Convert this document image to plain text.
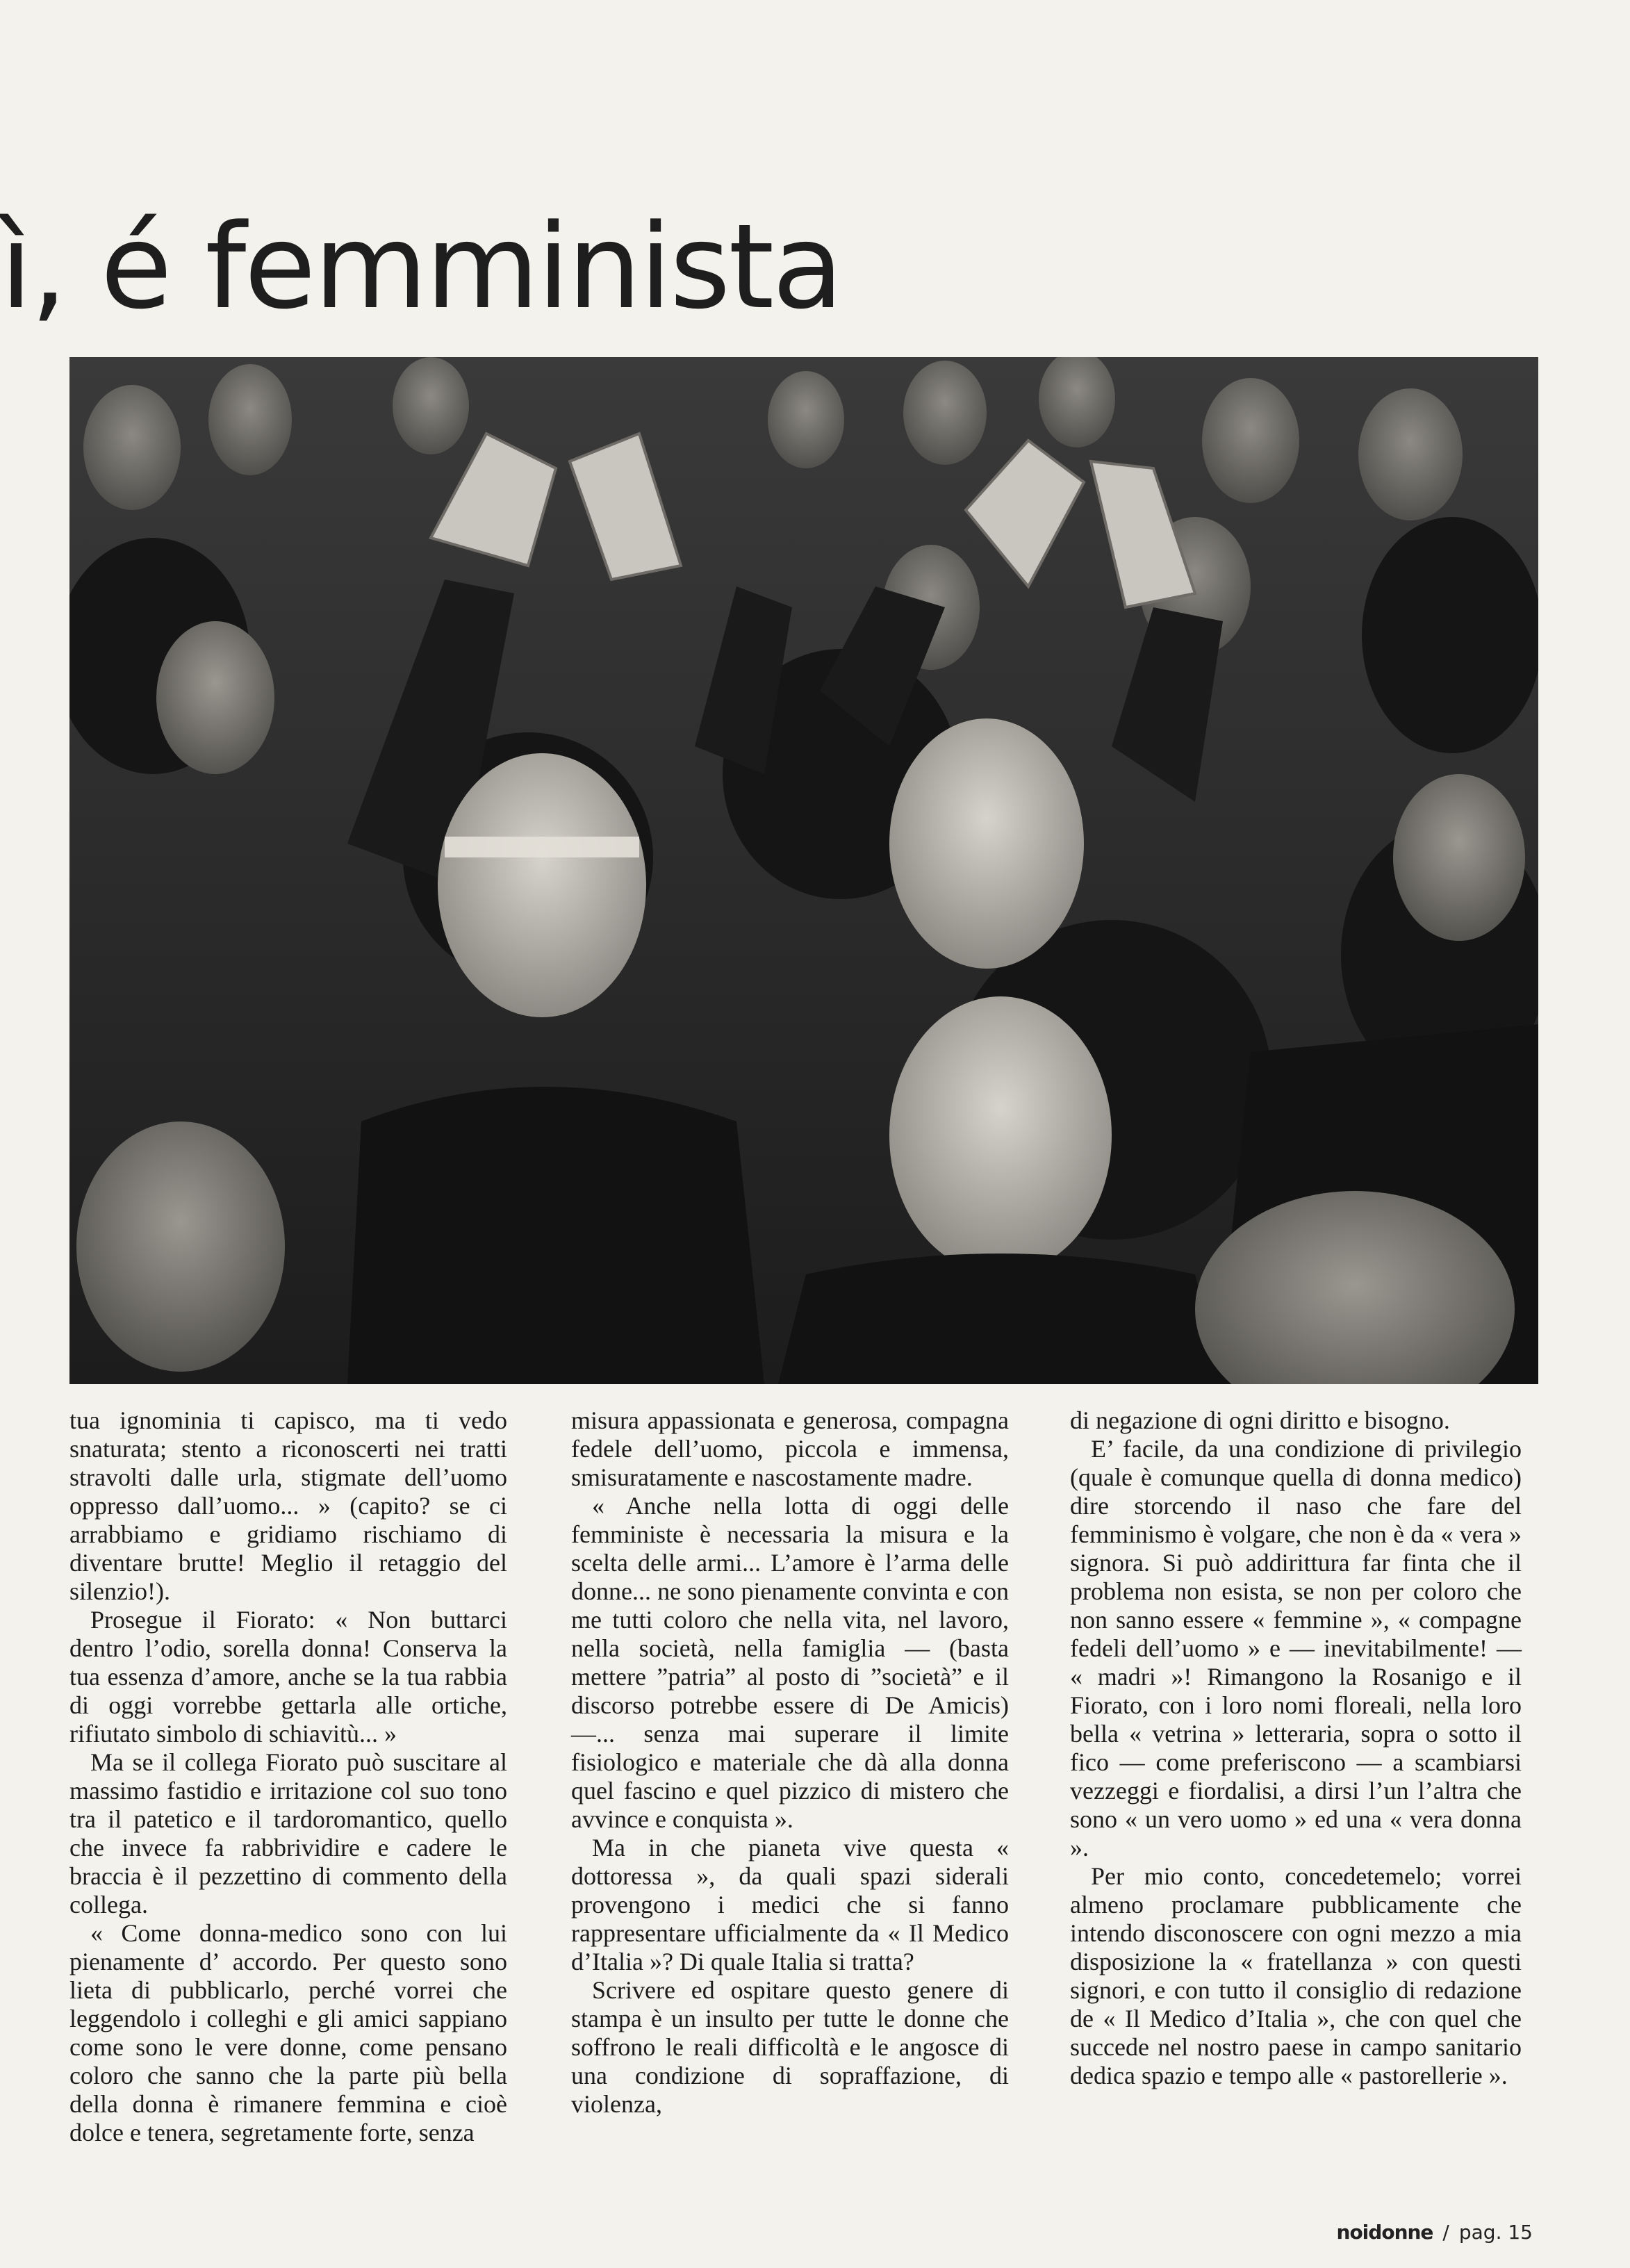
ì, é femminista

tua ignominia ti capisco, ma ti vedo snaturata; stento a riconoscerti nei tratti stravolti dalle urla, stigmate dell’uomo oppresso dall’uomo... » (capito? se ci arrabbiamo e gridiamo rischiamo di diventare brutte! Meglio il retaggio del silenzio!).

Prosegue il Fiorato: « Non buttarci dentro l’odio, sorella donna! Conserva la tua essenza d’amore, anche se la tua rabbia di oggi vorrebbe gettarla alle ortiche, rifiutato simbolo di schiavitù... »

Ma se il collega Fiorato può suscitare al massimo fastidio e irritazione col suo tono tra il patetico e il tardoromantico, quello che invece fa rabbrividire e cadere le braccia è il pezzettino di commento della collega.

« Come donna-medico sono con lui pienamente d’ accordo. Per questo sono lieta di pubblicarlo, perché vorrei che leggendolo i colleghi e gli amici sappiano come sono le vere donne, come pensano coloro che sanno che la parte più bella della donna è rimanere femmina e cioè dolce e tenera, segretamente forte, senza

misura appassionata e generosa, compagna fedele dell’uomo, piccola e immensa, smisuratamente e nascostamente madre.

« Anche nella lotta di oggi delle femministe è necessaria la misura e la scelta delle armi... L’amore è l’arma delle donne... ne sono pienamente convinta e con me tutti coloro che nella vita, nel lavoro, nella società, nella famiglia — (basta mettere ”patria” al posto di ”società” e il discorso potrebbe essere di De Amicis) —... senza mai superare il limite fisiologico e materiale che dà alla donna quel fascino e quel pizzico di mistero che avvince e conquista ».

Ma in che pianeta vive questa « dottoressa », da quali spazi siderali provengono i medici che si fanno rappresentare ufficialmente da « Il Medico d’Italia »? Di quale Italia si tratta?

Scrivere ed ospitare questo genere di stampa è un insulto per tutte le donne che soffrono le reali difficoltà e le angosce di una condizione di sopraffazione, di violenza,

di negazione di ogni diritto e bisogno.

E’ facile, da una condizione di privilegio (quale è comunque quella di donna medico) dire storcendo il naso che fare del femminismo è volgare, che non è da « vera » signora. Si può addirittura far finta che il problema non esista, se non per coloro che non sanno essere « femmine », « compagne fedeli dell’uomo » e — inevitabilmente! — « madri »! Rimangono la Rosanigo e il Fiorato, con i loro nomi floreali, nella loro bella « vetrina » letteraria, sopra o sotto il fico — come preferiscono — a scambiarsi vezzeggi e fiordalisi, a dirsi l’un l’altra che sono « un vero uomo » ed una « vera donna ».

Per mio conto, concedetemelo; vorrei almeno proclamare pubblicamente che intendo disconoscere con ogni mezzo a mia disposizione la « fratellanza » con questi signori, e con tutto il consiglio di redazione de « Il Medico d’Italia », che con quel che succede nel nostro paese in campo sanitario dedica spazio e tempo alle « pastorellerie ».

noidonne / pag. 15
